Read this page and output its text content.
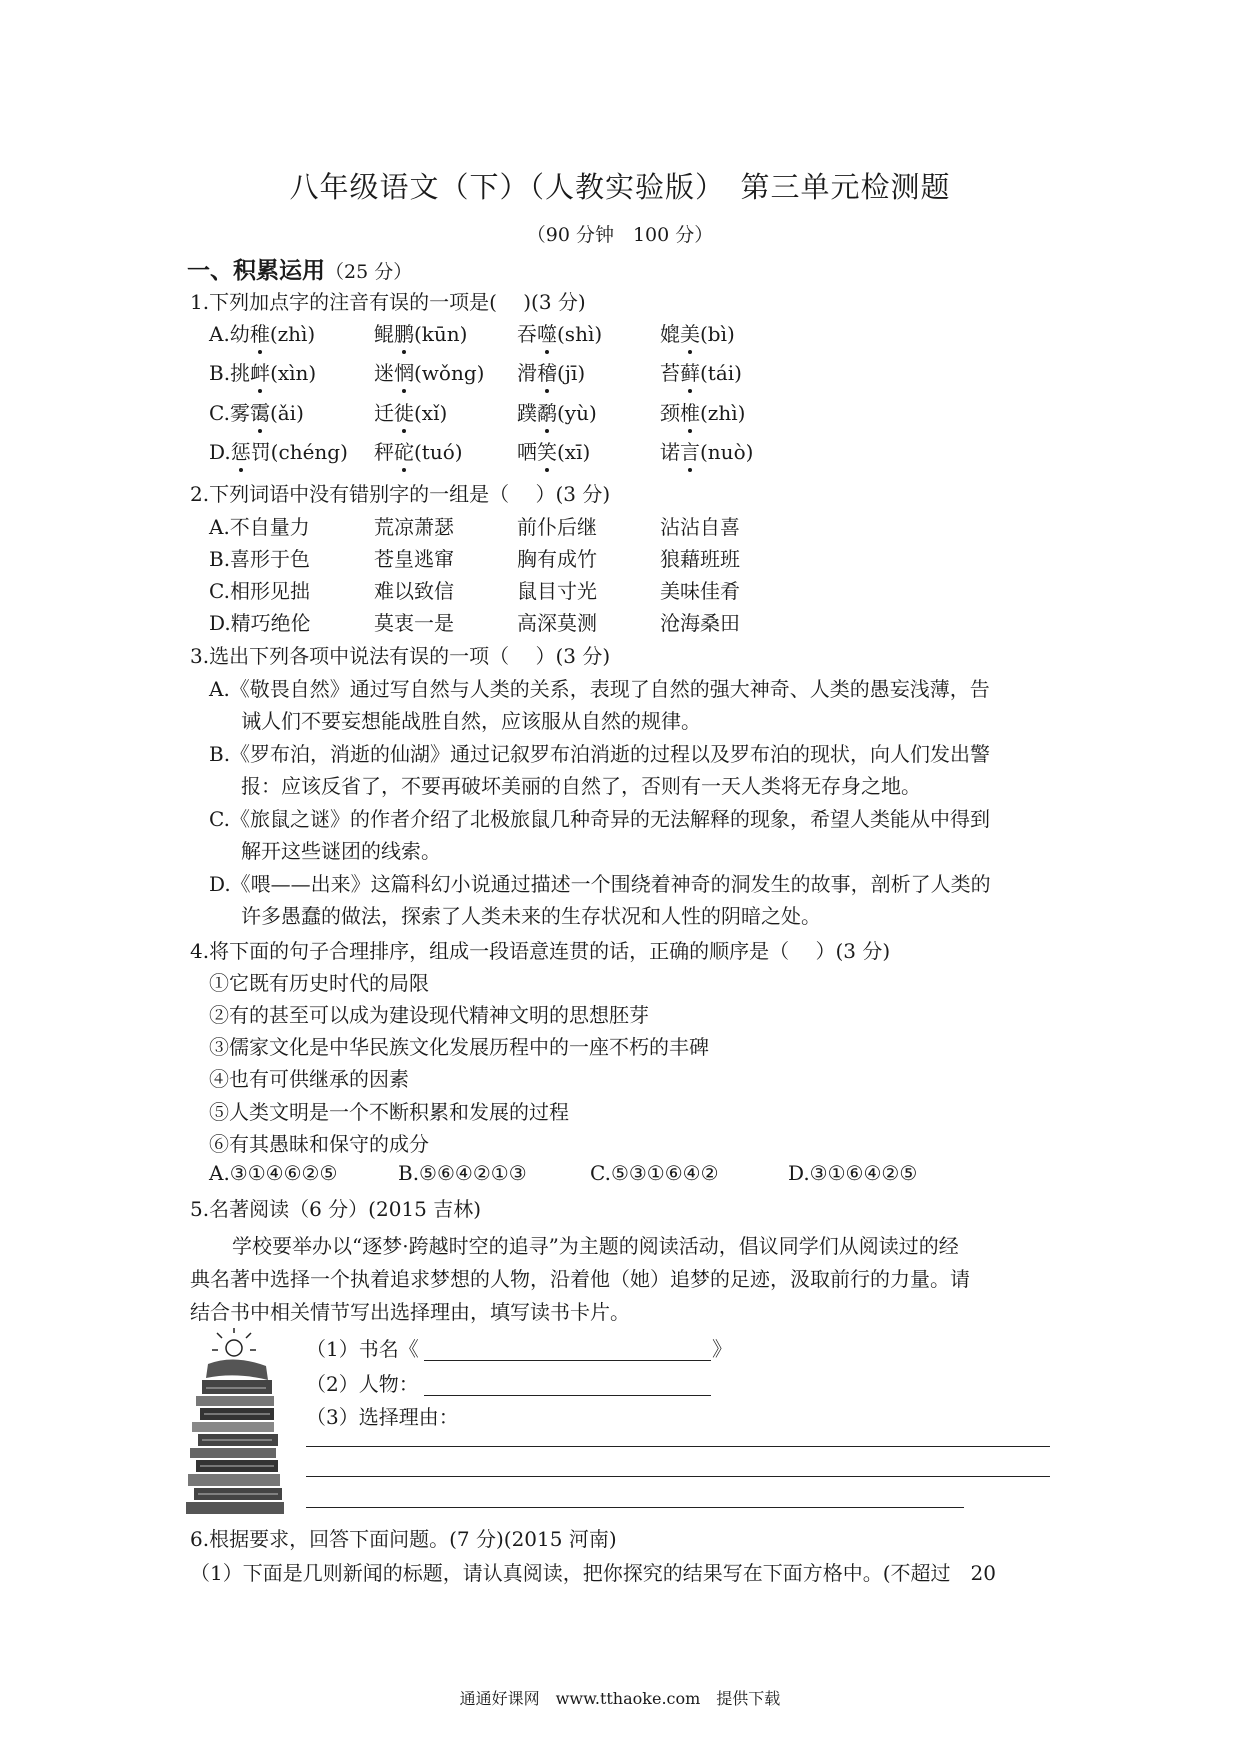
八年级语文（下）（人教实验版）　第三单元检测题
（90 分钟　100 分）
一、积累运用（25 分）
1.下列加点字的注音有误的一项是(　 )(3 分)
A.幼稚(zhì)	鲲鹏(kūn) 吞噬(shì)	媲美(bì)
B.挑衅(xìn)	迷惘(wǒng) 滑稽(jī)	苔藓(tái)
C.雾霭(ǎi)	迁徙(xǐ)	蹼鹬(yù)	颈椎(zhì)
D.惩罚(chéng) 秤砣(tuó)	哂笑(xī)	诺言(nuò)
2.下列词语中没有错别字的一组是（　 ）(3 分)
A.不自量力	荒凉萧瑟	前仆后继	沾沾自喜
B.喜形于色	苍皇逃窜	胸有成竹	狼藉班班
C.相形见拙	难以致信	鼠目寸光	美味佳肴
D.精巧绝伦	莫衷一是	高深莫测	沧海桑田
3.选出下列各项中说法有误的一项（　 ）(3 分)
A.《敬畏自然》通过写自然与人类的关系，表现了自然的强大神奇、人类的愚妄浅薄，告
诫人们不要妄想能战胜自然，应该服从自然的规律。
B.《罗布泊，消逝的仙湖》通过记叙罗布泊消逝的过程以及罗布泊的现状，向人们发出警
报：应该反省了，不要再破坏美丽的自然了，否则有一天人类将无存身之地。
C.《旅鼠之谜》的作者介绍了北极旅鼠几种奇异的无法解释的现象，希望人类能从中得到
解开这些谜团的线索。
D.《喂——出来》这篇科幻小说通过描述一个围绕着神奇的洞发生的故事，剖析了人类的
许多愚蠢的做法，探索了人类未来的生存状况和人性的阴暗之处。
4.将下面的句子合理排序，组成一段语意连贯的话，正确的顺序是（　 ）(3 分)
①它既有历史时代的局限
②有的甚至可以成为建设现代精神文明的思想胚芽
③儒家文化是中华民族文化发展历程中的一座不朽的丰碑
④也有可供继承的因素
⑤人类文明是一个不断积累和发展的过程
⑥有其愚昧和保守的成分
A.③①④⑥②⑤	B.⑤⑥④②①③	C.⑤③①⑥④②	D.③①⑥④②⑤
5.名著阅读（6 分）(2015 吉林)
学校要举办以“逐梦·跨越时空的追寻”为主题的阅读活动，倡议同学们从阅读过的经
典名著中选择一个执着追求梦想的人物，沿着他（她）追梦的足迹，汲取前行的力量。请
结合书中相关情节写出选择理由，填写读书卡片。
（1）书名《	》
（2）人物：
（3）选择理由：
6.根据要求，回答下面问题。(7 分)(2015 河南)
（1）下面是几则新闻的标题，请认真阅读，把你探究的结果写在下面方格中。(不超过　20
通通好课网　www.tthaoke.com　提供下载
